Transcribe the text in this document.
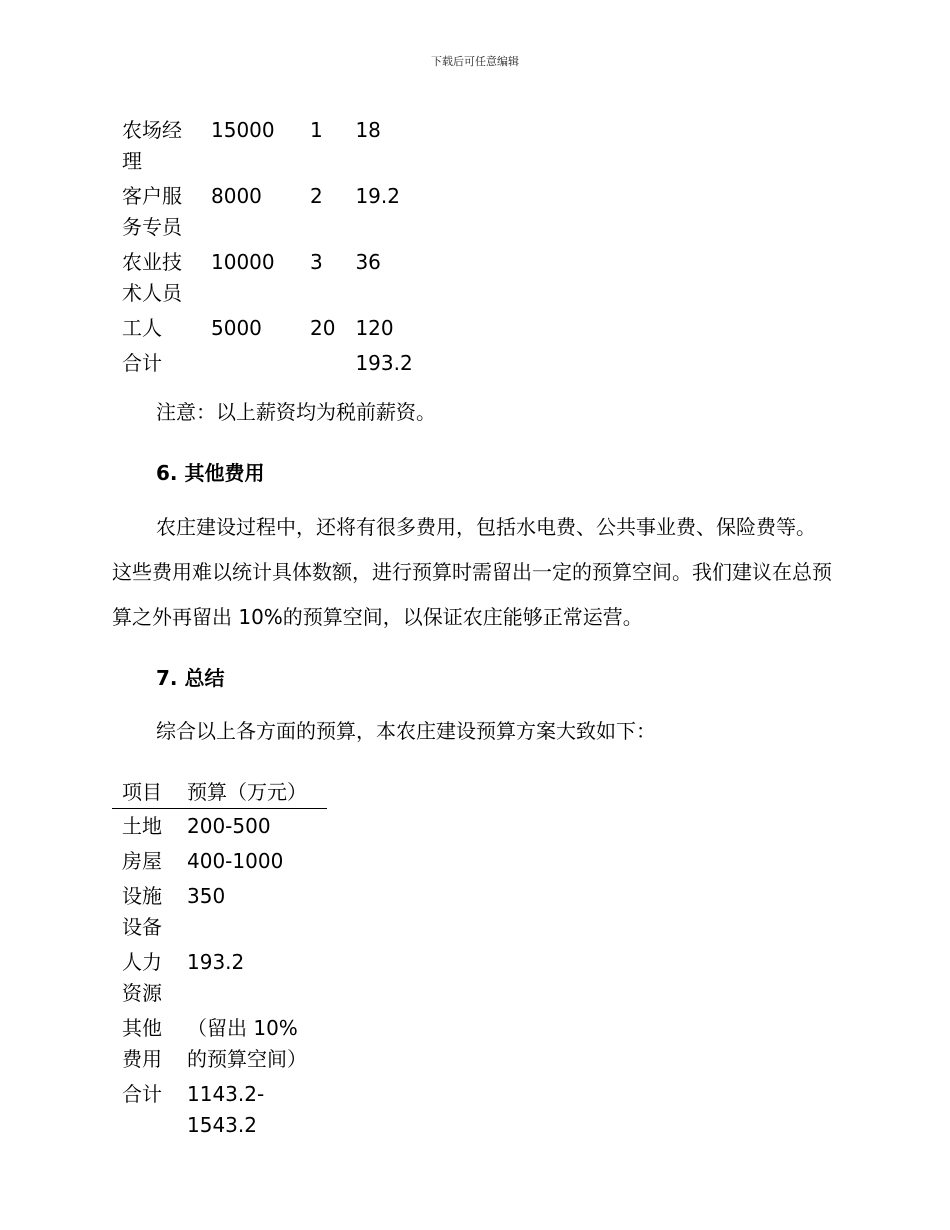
下载后可任意编辑
农场经理	15000	1	18
客户服务专员	8000	2	19.2
农业技术人员	10000	3	36
工人	5000	20	120
合计			193.2

注意：以上薪资均为税前薪资。

6. 其他费用

农庄建设过程中，还将有很多费用，包括水电费、公共事业费、保险费等。这些费用难以统计具体数额，进行预算时需留出一定的预算空间。我们建议在总预算之外再留出 10%的预算空间，以保证农庄能够正常运营。

7. 总结

综合以上各方面的预算，本农庄建设预算方案大致如下：

项目	预算（万元）
土地	200-500
房屋	400-1000
设施设备	350
人力资源	193.2
其他费用	（留出 10%的预算空间）
合计	1143.2-1543.2
